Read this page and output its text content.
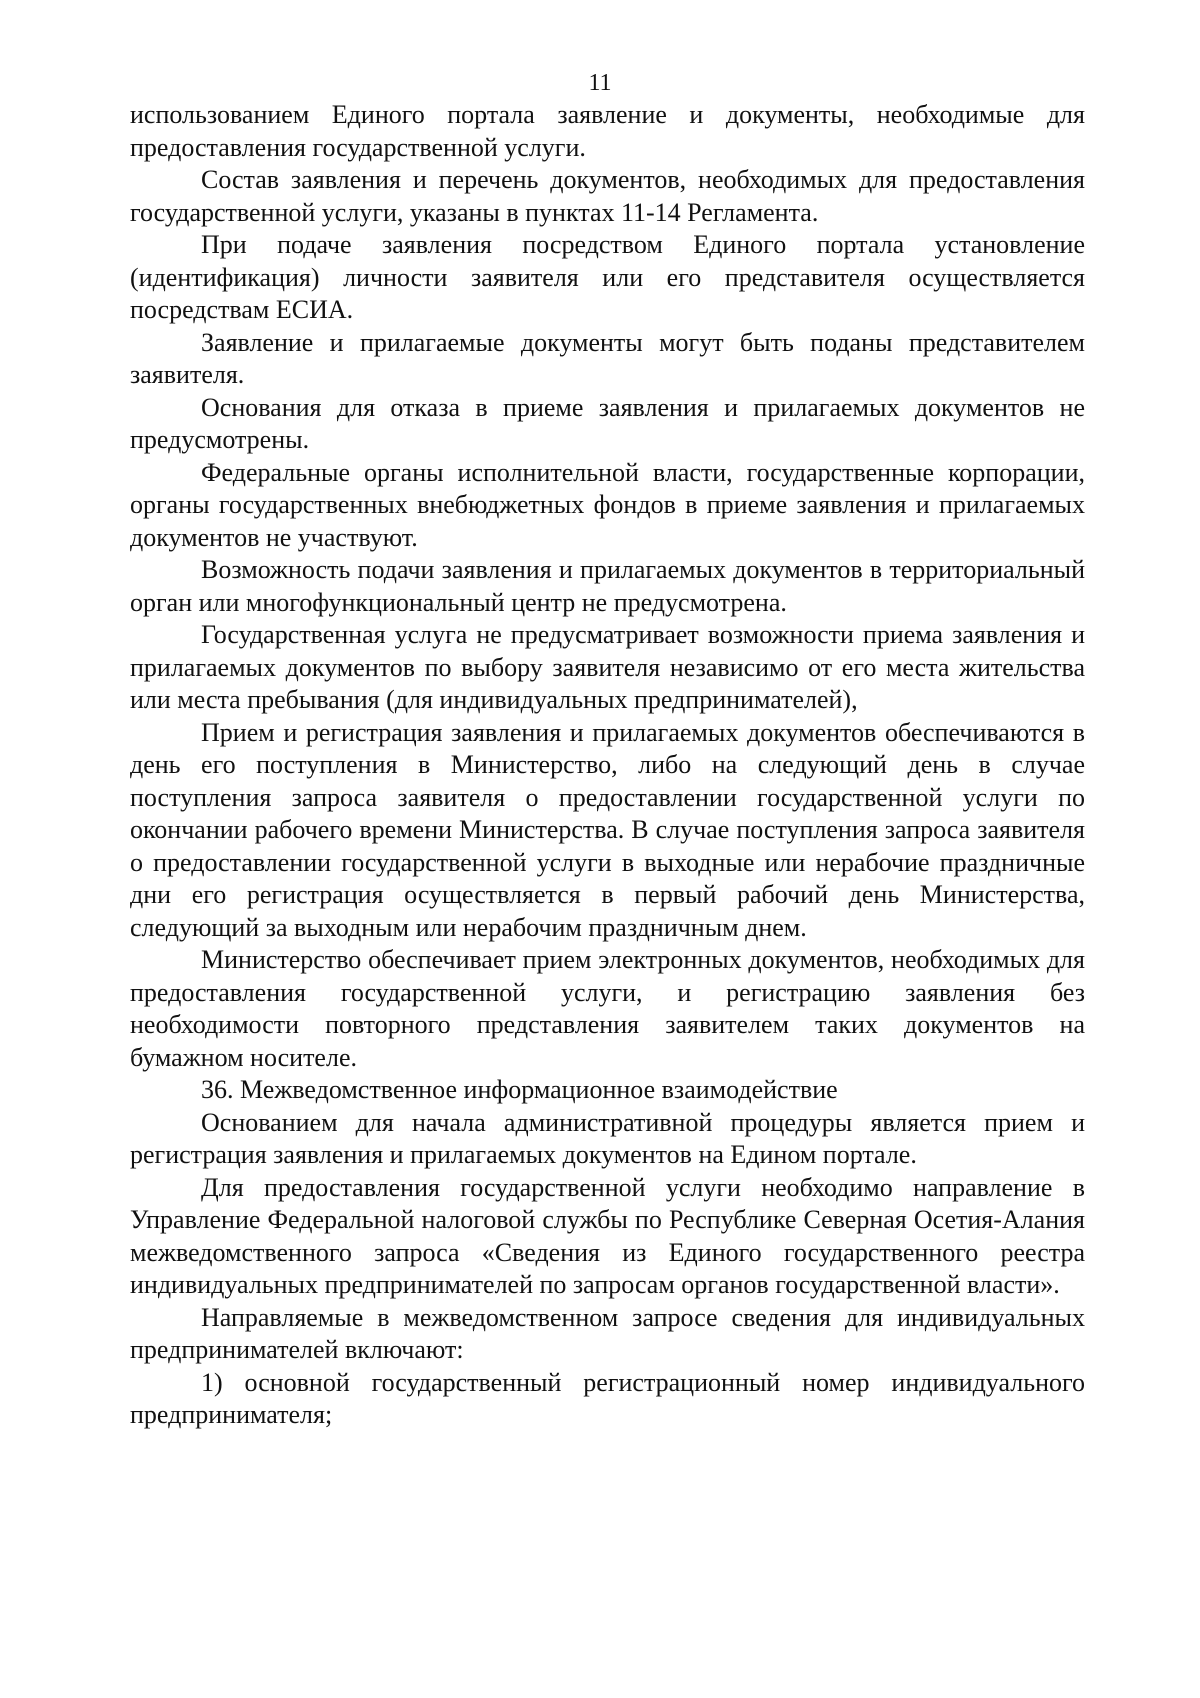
11

использованием Единого портала заявление и документы, необходимые для предоставления государственной услуги.

Состав заявления и перечень документов, необходимых для предоставления государственной услуги, указаны в пунктах 11-14 Регламента.

При подаче заявления посредством Единого портала установление (идентификация) личности заявителя или его представителя осуществляется посредствам ЕСИА.

Заявление и прилагаемые документы могут быть поданы представителем заявителя.

Основания для отказа в приеме заявления и прилагаемых документов не предусмотрены.

Федеральные органы исполнительной власти, государственные корпорации, органы государственных внебюджетных фондов в приеме заявления и прилагаемых документов не участвуют.

Возможность подачи заявления и прилагаемых документов в территориальный орган или многофункциональный центр не предусмотрена.

Государственная услуга не предусматривает возможности приема заявления и прилагаемых документов по выбору заявителя независимо от его места жительства или места пребывания (для индивидуальных предпринимателей),

Прием и регистрация заявления и прилагаемых документов обеспечиваются в день его поступления в Министерство, либо на следующий день в случае поступления запроса заявителя о предоставлении государственной услуги по окончании рабочего времени Министерства. В случае поступления запроса заявителя о предоставлении государственной услуги в выходные или нерабочие праздничные дни его регистрация осуществляется в первый рабочий день Министерства, следующий за выходным или нерабочим праздничным днем.

Министерство обеспечивает прием электронных документов, необходимых для предоставления государственной услуги, и регистрацию заявления без необходимости повторного представления заявителем таких документов на бумажном носителе.

36. Межведомственное информационное взаимодействие

Основанием для начала административной процедуры является прием и регистрация заявления и прилагаемых документов на Едином портале.

Для предоставления государственной услуги необходимо направление в Управление Федеральной налоговой службы по Республике Северная Осетия-Алания межведомственного запроса «Сведения из Единого государственного реестра индивидуальных предпринимателей по запросам органов государственной власти».

Направляемые в межведомственном запросе сведения для индивидуальных предпринимателей включают:

1) основной государственный регистрационный номер индивидуального предпринимателя;
